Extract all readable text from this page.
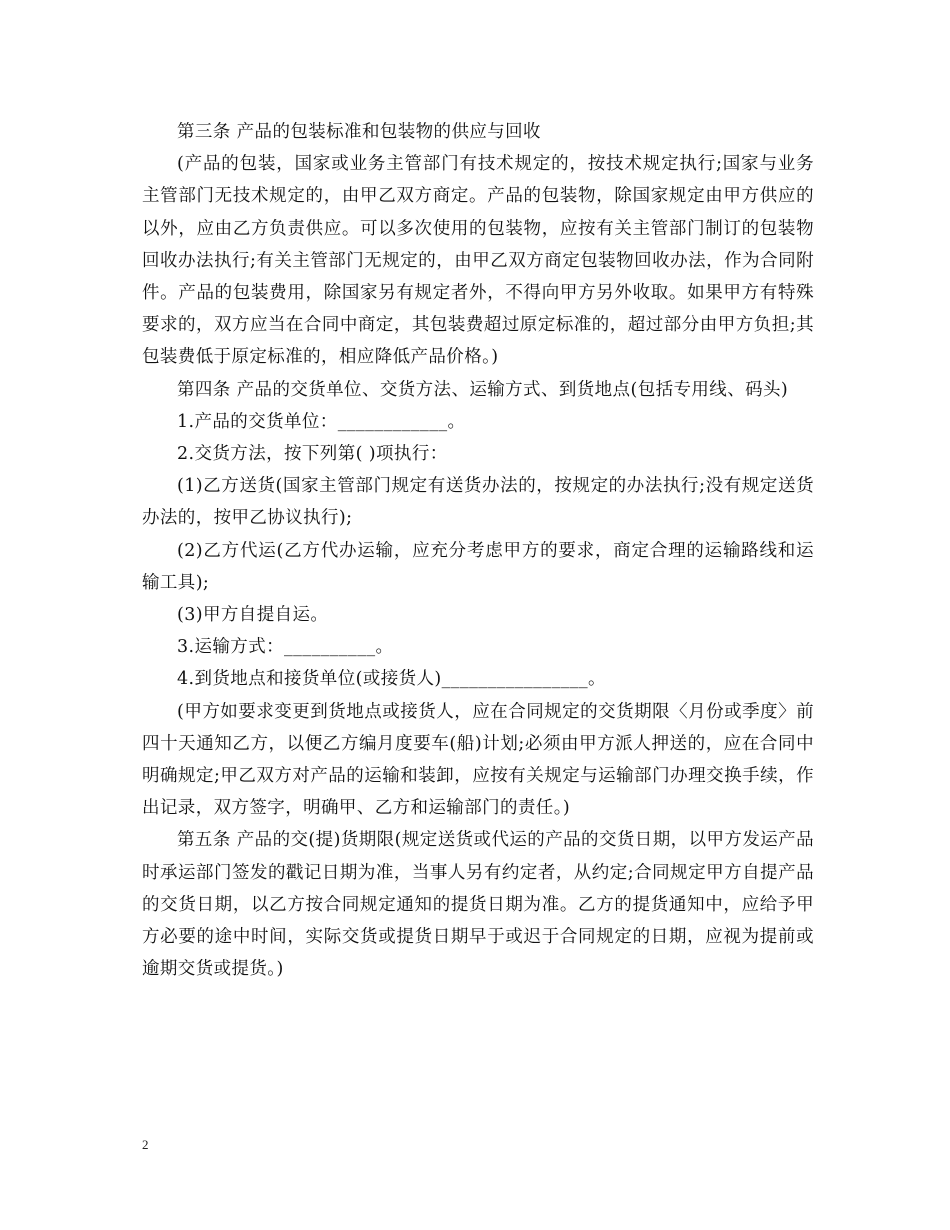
第三条 产品的包装标准和包装物的供应与回收

(产品的包装，国家或业务主管部门有技术规定的，按技术规定执行;国家与业务主管部门无技术规定的，由甲乙双方商定。产品的包装物，除国家规定由甲方供应的以外，应由乙方负责供应。可以多次使用的包装物，应按有关主管部门制订的包装物回收办法执行;有关主管部门无规定的，由甲乙双方商定包装物回收办法，作为合同附件。产品的包装费用，除国家另有规定者外，不得向甲方另外收取。如果甲方有特殊要求的，双方应当在合同中商定，其包装费超过原定标准的，超过部分由甲方负担;其包装费低于原定标准的，相应降低产品价格。)

第四条 产品的交货单位、交货方法、运输方式、到货地点(包括专用线、码头)

1.产品的交货单位：____________。

2.交货方法，按下列第( )项执行：

(1)乙方送货(国家主管部门规定有送货办法的，按规定的办法执行;没有规定送货办法的，按甲乙协议执行);

(2)乙方代运(乙方代办运输，应充分考虑甲方的要求，商定合理的运输路线和运输工具);

(3)甲方自提自运。

3.运输方式：__________。

4.到货地点和接货单位(或接货人)________________。

(甲方如要求变更到货地点或接货人，应在合同规定的交货期限〈月份或季度〉前四十天通知乙方，以便乙方编月度要车(船)计划;必须由甲方派人押送的，应在合同中明确规定;甲乙双方对产品的运输和装卸，应按有关规定与运输部门办理交换手续，作出记录，双方签字，明确甲、乙方和运输部门的责任。)

第五条 产品的交(提)货期限(规定送货或代运的产品的交货日期，以甲方发运产品时承运部门签发的戳记日期为准，当事人另有约定者，从约定;合同规定甲方自提产品的交货日期，以乙方按合同规定通知的提货日期为准。乙方的提货通知中，应给予甲方必要的途中时间，实际交货或提货日期早于或迟于合同规定的日期，应视为提前或逾期交货或提货。)

2
